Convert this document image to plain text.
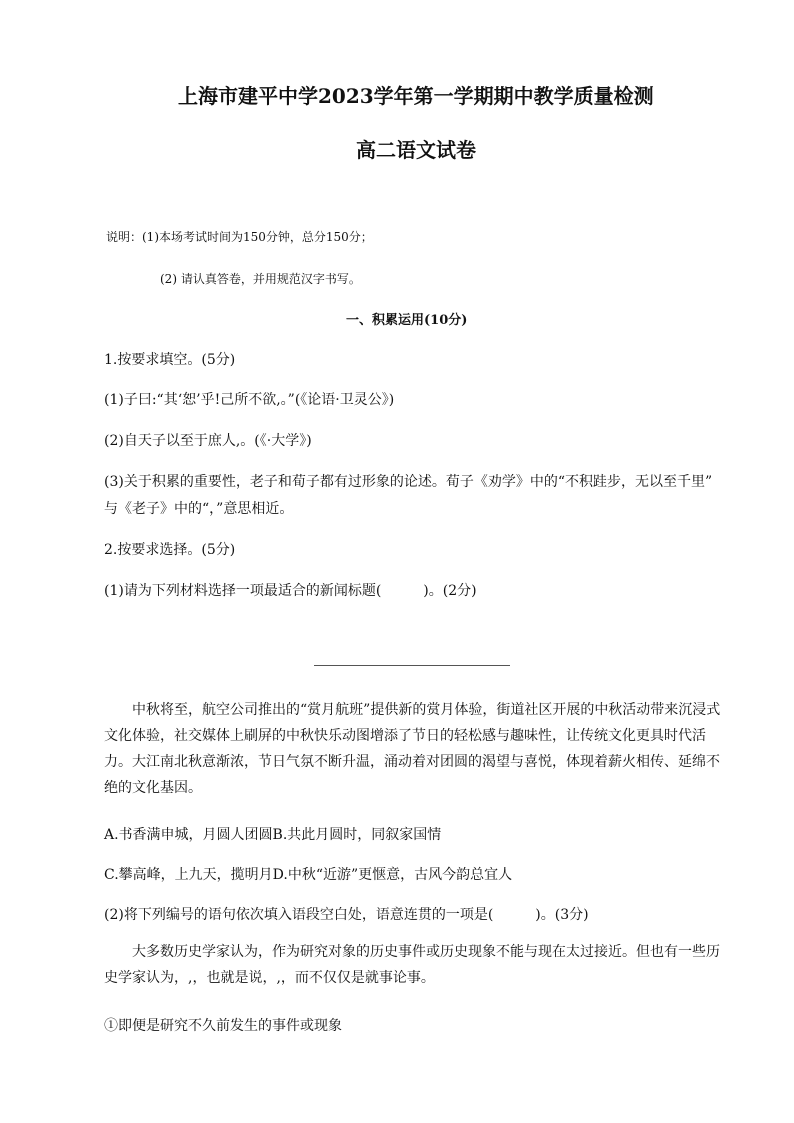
上海市建平中学2023学年第一学期期中教学质量检测
高二语文试卷
说明：(1)本场考试时间为150分钟，总分150分；
(2) 请认真答卷，并用规范汉字书写。
一、积累运用(10分)
1.按要求填空。(5分)
(1)子曰:“其‘恕’乎!己所不欲,。”(《论语·卫灵公》)
(2)自天子以至于庶人,。(《·大学》)
(3)关于积累的重要性，老子和荀子都有过形象的论述。荀子《劝学》中的“不积跬步，无以至千里”
与《老子》中的“，”意思相近。
2.按要求选择。(5分)
(1)请为下列材料选择一项最适合的新闻标题(　　　)。(2分)
中秋将至，航空公司推出的“赏月航班”提供新的赏月体验，街道社区开展的中秋活动带来沉浸式文化体验，社交媒体上刷屏的中秋快乐动图增添了节日的轻松感与趣味性，让传统文化更具时代活力。大江南北秋意渐浓，节日气氛不断升温，涌动着对团圆的渴望与喜悦，体现着薪火相传、延绵不绝的文化基因。
A.书香满申城，月圆人团圆B.共此月圆时，同叙家国情
C.攀高峰，上九天，揽明月D.中秋“近游”更惬意，古风今韵总宜人
(2)将下列编号的语句依次填入语段空白处，语意连贯的一项是(　　　)。(3分)
大多数历史学家认为，作为研究对象的历史事件或历史现象不能与现在太过接近。但也有一些历史学家认为，,，也就是说，,，而不仅仅是就事论事。
①即便是研究不久前发生的事件或现象
